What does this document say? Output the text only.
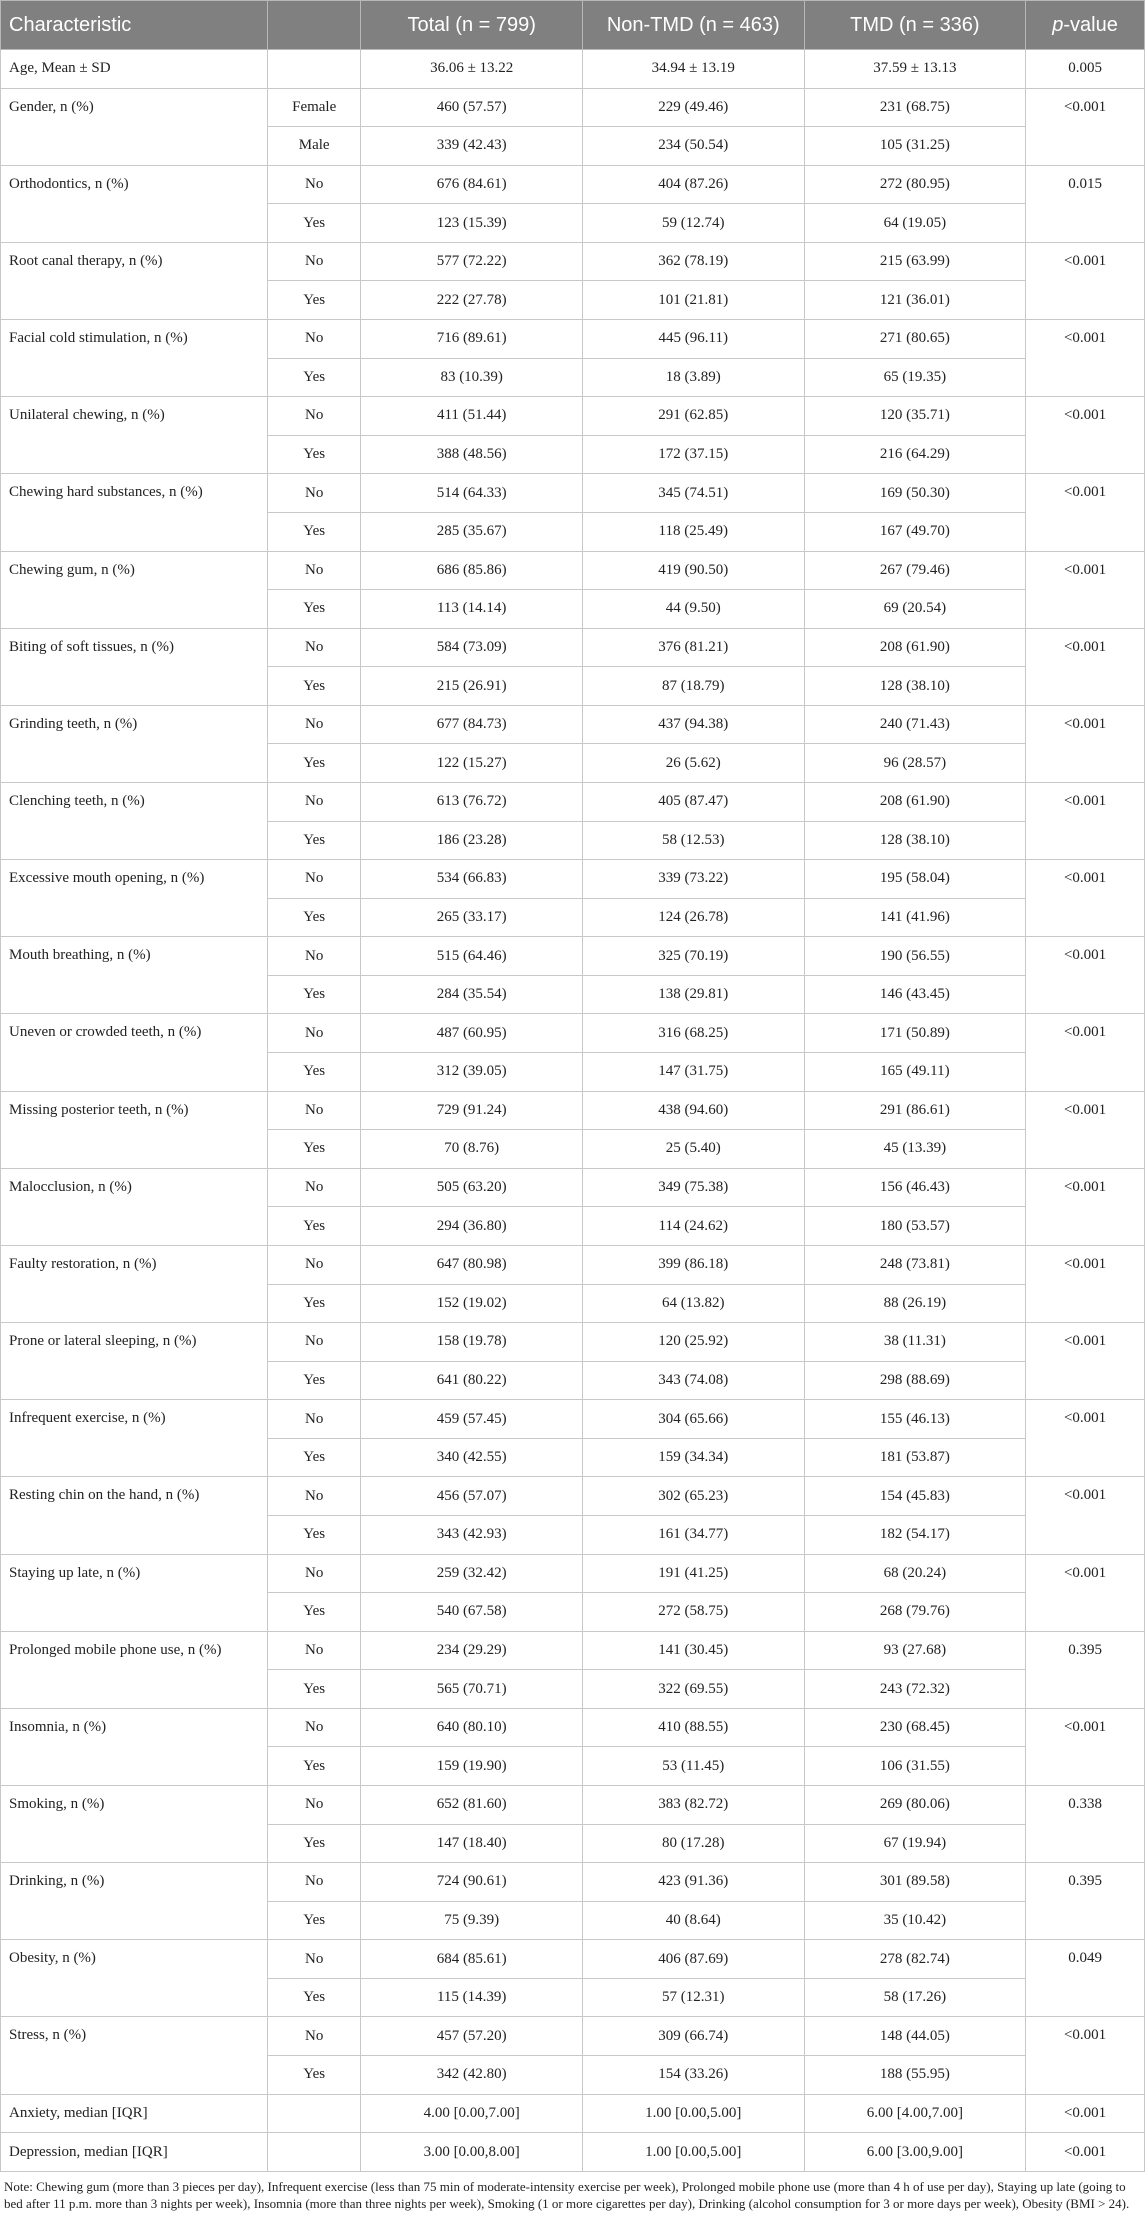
Characteristic		Total (n = 799)	Non-TMD (n = 463)	TMD (n = 336)	p-value
Age, Mean ± SD		36.06 ± 13.22	34.94 ± 13.19	37.59 ± 13.13	0.005
Gender, n (%)	Female	460 (57.57)	229 (49.46)	231 (68.75)	<0.001
	Male	339 (42.43)	234 (50.54)	105 (31.25)	
Orthodontics, n (%)	No	676 (84.61)	404 (87.26)	272 (80.95)	0.015
	Yes	123 (15.39)	59 (12.74)	64 (19.05)	
Root canal therapy, n (%)	No	577 (72.22)	362 (78.19)	215 (63.99)	<0.001
	Yes	222 (27.78)	101 (21.81)	121 (36.01)	
Facial cold stimulation, n (%)	No	716 (89.61)	445 (96.11)	271 (80.65)	<0.001
	Yes	83 (10.39)	18 (3.89)	65 (19.35)	
Unilateral chewing, n (%)	No	411 (51.44)	291 (62.85)	120 (35.71)	<0.001
	Yes	388 (48.56)	172 (37.15)	216 (64.29)	
Chewing hard substances, n (%)	No	514 (64.33)	345 (74.51)	169 (50.30)	<0.001
	Yes	285 (35.67)	118 (25.49)	167 (49.70)	
Chewing gum, n (%)	No	686 (85.86)	419 (90.50)	267 (79.46)	<0.001
	Yes	113 (14.14)	44 (9.50)	69 (20.54)	
Biting of soft tissues, n (%)	No	584 (73.09)	376 (81.21)	208 (61.90)	<0.001
	Yes	215 (26.91)	87 (18.79)	128 (38.10)	
Grinding teeth, n (%)	No	677 (84.73)	437 (94.38)	240 (71.43)	<0.001
	Yes	122 (15.27)	26 (5.62)	96 (28.57)	
Clenching teeth, n (%)	No	613 (76.72)	405 (87.47)	208 (61.90)	<0.001
	Yes	186 (23.28)	58 (12.53)	128 (38.10)	
Excessive mouth opening, n (%)	No	534 (66.83)	339 (73.22)	195 (58.04)	<0.001
	Yes	265 (33.17)	124 (26.78)	141 (41.96)	
Mouth breathing, n (%)	No	515 (64.46)	325 (70.19)	190 (56.55)	<0.001
	Yes	284 (35.54)	138 (29.81)	146 (43.45)	
Uneven or crowded teeth, n (%)	No	487 (60.95)	316 (68.25)	171 (50.89)	<0.001
	Yes	312 (39.05)	147 (31.75)	165 (49.11)	
Missing posterior teeth, n (%)	No	729 (91.24)	438 (94.60)	291 (86.61)	<0.001
	Yes	70 (8.76)	25 (5.40)	45 (13.39)	
Malocclusion, n (%)	No	505 (63.20)	349 (75.38)	156 (46.43)	<0.001
	Yes	294 (36.80)	114 (24.62)	180 (53.57)	
Faulty restoration, n (%)	No	647 (80.98)	399 (86.18)	248 (73.81)	<0.001
	Yes	152 (19.02)	64 (13.82)	88 (26.19)	
Prone or lateral sleeping, n (%)	No	158 (19.78)	120 (25.92)	38 (11.31)	<0.001
	Yes	641 (80.22)	343 (74.08)	298 (88.69)	
Infrequent exercise, n (%)	No	459 (57.45)	304 (65.66)	155 (46.13)	<0.001
	Yes	340 (42.55)	159 (34.34)	181 (53.87)	
Resting chin on the hand, n (%)	No	456 (57.07)	302 (65.23)	154 (45.83)	<0.001
	Yes	343 (42.93)	161 (34.77)	182 (54.17)	
Staying up late, n (%)	No	259 (32.42)	191 (41.25)	68 (20.24)	<0.001
	Yes	540 (67.58)	272 (58.75)	268 (79.76)	
Prolonged mobile phone use, n (%)	No	234 (29.29)	141 (30.45)	93 (27.68)	0.395
	Yes	565 (70.71)	322 (69.55)	243 (72.32)	
Insomnia, n (%)	No	640 (80.10)	410 (88.55)	230 (68.45)	<0.001
	Yes	159 (19.90)	53 (11.45)	106 (31.55)	
Smoking, n (%)	No	652 (81.60)	383 (82.72)	269 (80.06)	0.338
	Yes	147 (18.40)	80 (17.28)	67 (19.94)	
Drinking, n (%)	No	724 (90.61)	423 (91.36)	301 (89.58)	0.395
	Yes	75 (9.39)	40 (8.64)	35 (10.42)	
Obesity, n (%)	No	684 (85.61)	406 (87.69)	278 (82.74)	0.049
	Yes	115 (14.39)	57 (12.31)	58 (17.26)	
Stress, n (%)	No	457 (57.20)	309 (66.74)	148 (44.05)	<0.001
	Yes	342 (42.80)	154 (33.26)	188 (55.95)	
Anxiety, median [IQR]		4.00 [0.00,7.00]	1.00 [0.00,5.00]	6.00 [4.00,7.00]	<0.001
Depression, median [IQR]		3.00 [0.00,8.00]	1.00 [0.00,5.00]	6.00 [3.00,9.00]	<0.001
Note: Chewing gum (more than 3 pieces per day), Infrequent exercise (less than 75 min of moderate-intensity exercise per week), Prolonged mobile phone use (more than 4 h of use per day), Staying up late (going to bed after 11 p.m. more than 3 nights per week), Insomnia (more than three nights per week), Smoking (1 or more cigarettes per day), Drinking (alcohol consumption for 3 or more days per week), Obesity (BMI > 24).
